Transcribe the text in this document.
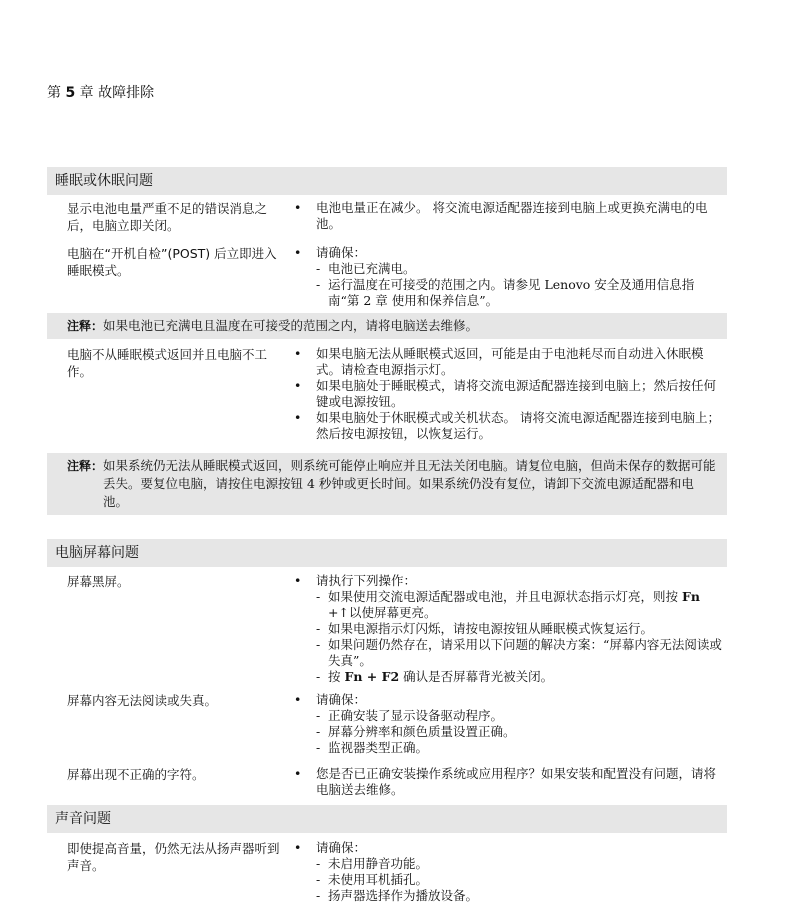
第 5 章 故障排除
睡眠或休眠问题
显示电池电量严重不足的错误消息之后，电脑立即关闭。
• 电池电量正在减少。 将交流电源适配器连接到电脑上或更换充满电的电池。
电脑在“开机自检”(POST) 后立即进入睡眠模式。
• 请确保：
- 电池已充满电。
- 运行温度在可接受的范围之内。请参见 Lenovo 安全及通用信息指南“第 2 章 使用和保养信息”。
注释：如果电池已充满电且温度在可接受的范围之内，请将电脑送去维修。
电脑不从睡眠模式返回并且电脑不工作。
• 如果电脑无法从睡眠模式返回，可能是由于电池耗尽而自动进入休眠模式。请检查电源指示灯。
• 如果电脑处于睡眠模式，请将交流电源适配器连接到电脑上；然后按任何键或电源按钮。
• 如果电脑处于休眠模式或关机状态。 请将交流电源适配器连接到电脑上；然后按电源按钮，以恢复运行。
注释： 如果系统仍无法从睡眠模式返回，则系统可能停止响应并且无法关闭电脑。请复位电脑，但尚未保存的数据可能丢失。要复位电脑，请按住电源按钮 4 秒钟或更长时间。如果系统仍没有复位，请卸下交流电源适配器和电池。
电脑屏幕问题
屏幕黑屏。	• 请执行下列操作：
- 如果使用交流电源适配器或电池，并且电源状态指示灯亮，则按 Fn
+↑以使屏幕更亮。
- 如果电源指示灯闪烁，请按电源按钮从睡眠模式恢复运行。
- 如果问题仍然存在，请采用以下问题的解决方案：“屏幕内容无法阅读或失真”。
- 按 Fn + F2 确认是否屏幕背光被关闭。
屏幕内容无法阅读或失真。	• 请确保：
- 正确安装了显示设备驱动程序。
- 屏幕分辨率和颜色质量设置正确。
- 监视器类型正确。
屏幕出现不正确的字符。	• 您是否已正确安装操作系统或应用程序？如果安装和配置没有问题，请将电脑送去维修。
声音问题
即使提高音量，仍然无法从扬声器听到声音。
• 请确保：
- 未启用静音功能。
- 未使用耳机插孔。
- 扬声器选择作为播放设备。
